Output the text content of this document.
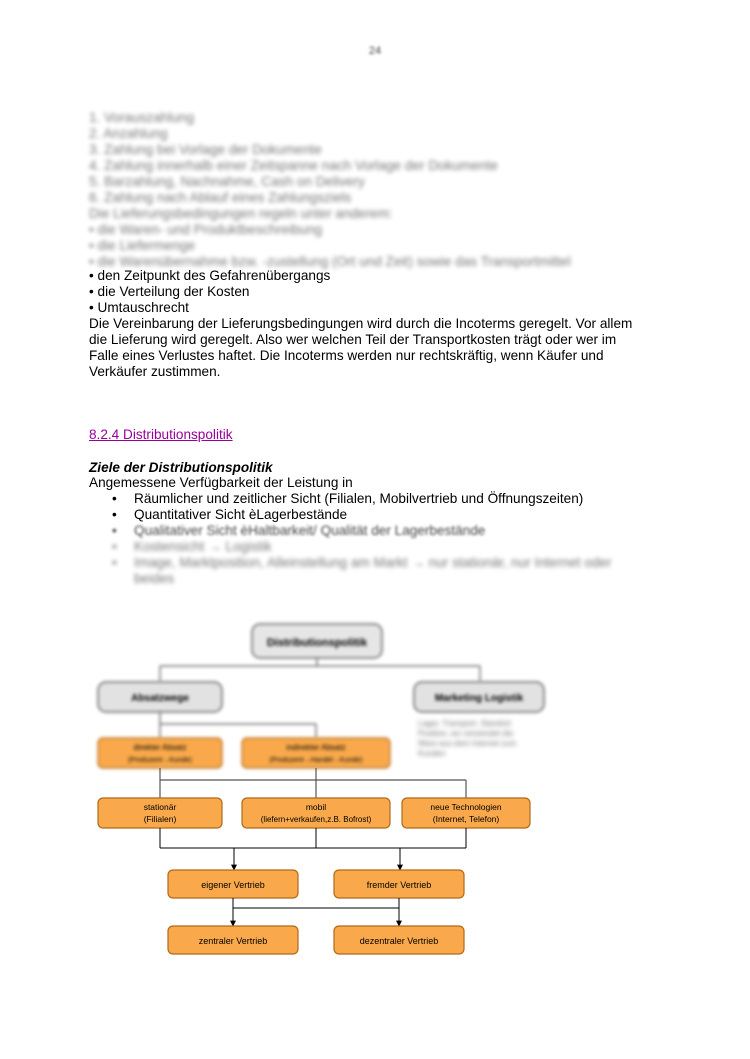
24
1. Vorauszahlung
2. Anzahlung
3. Zahlung bei Vorlage der Dokumente
4. Zahlung innerhalb einer Zeitspanne nach Vorlage der Dokumente
5. Barzahlung, Nachnahme, Cash on Delivery
6. Zahlung nach Ablauf eines Zahlungsziels
Die Lieferungsbedingungen regeln unter anderem:
• die Waren- und Produktbeschreibung
• die Liefermenge
• die Warenübernahme bzw. -zustellung (Ort und Zeit) sowie das Transportmittel
• den Zeitpunkt des Gefahrenübergangs
• die Verteilung der Kosten
• Umtauschrecht
Die Vereinbarung der Lieferungsbedingungen wird durch die Incoterms geregelt. Vor allem
die Lieferung wird geregelt. Also wer welchen Teil der Transportkosten trägt oder wer im
Falle eines Verlustes haftet. Die Incoterms werden nur rechtskräftig, wenn Käufer und
Verkäufer zustimmen.
8.2.4 Distributionspolitik
Ziele der Distributionspolitik
Angemessene Verfügbarkeit der Leistung in
• Räumlicher und zeitlicher Sicht (Filialen, Mobilvertrieb und Öffnungszeiten)
• Quantitativer Sicht èLagerbestände
• Qualitativer Sicht èHaltbarkeit/ Qualität der Lagerbestände
• Kostensicht → Logistik
• Image, Marktposition, Alleinstellung am Markt → nur stationär, nur Internet oder
beides
Distributionspolitik
Absatzwege	Marketing Logistik
Lager, Transport, Standort
Position, wo verwendet die
Ware aus dem Internet zum
Kunden
direkter Absatz
(Produzent→Kunde)
indirekter Absatz
(Produzent→Handel→Kunde)
stationär
(Filialen)
mobil
(liefern+verkaufen,z.B. Bofrost)
neue Technologien
(Internet, Telefon)
eigener Vertrieb	fremder Vertrieb
zentraler Vertrieb	dezentraler Vertrieb
